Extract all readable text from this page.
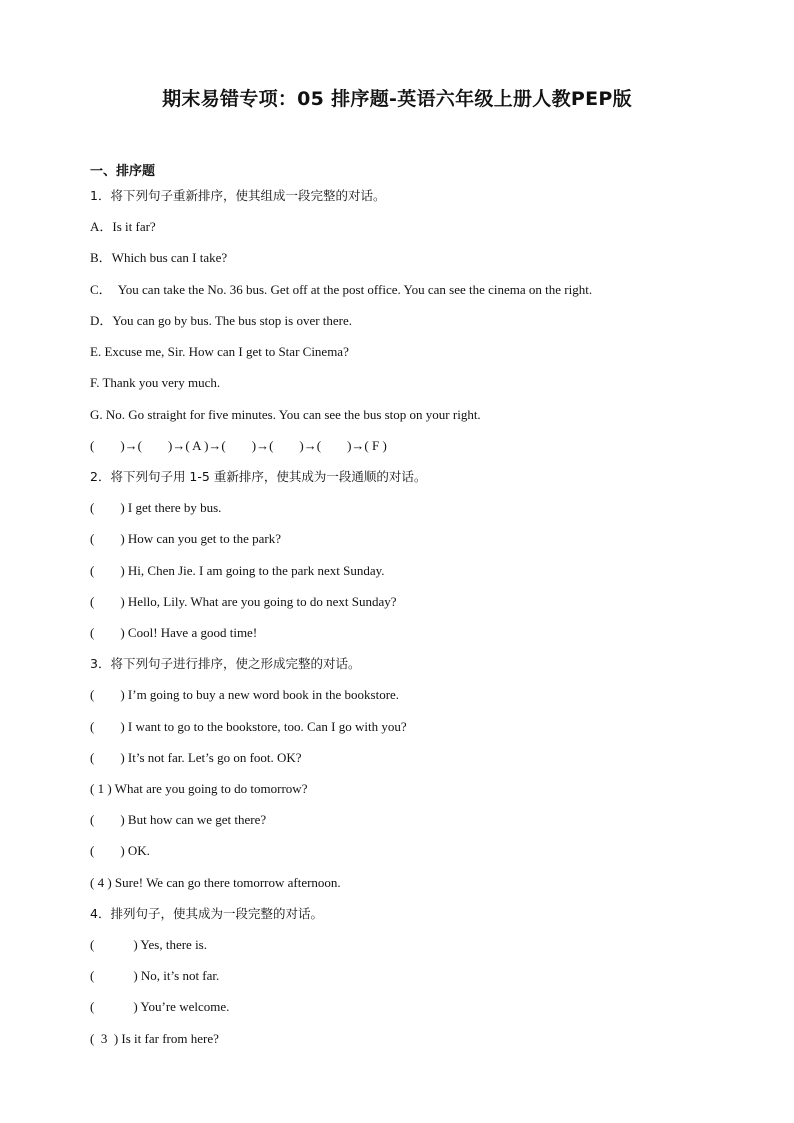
期末易错专项：05 排序题-英语六年级上册人教PEP版
一、排序题
1．将下列句子重新排序，使其组成一段完整的对话。
A．Is it far?
B．Which bus can I take?
C．  You can take the No. 36 bus. Get off at the post office. You can see the cinema on the right.
D．You can go by bus. The bus stop is over there.
E. Excuse me, Sir. How can I get to Star Cinema?
F. Thank you very much.
G. No. Go straight for five minutes. You can see the bus stop on your right.
(        )→(        )→( A )→(        )→(        )→(        )→( F )
2．将下列句子用 1-5 重新排序，使其成为一段通顺的对话。
(        ) I get there by bus.
(        ) How can you get to the park?
(        ) Hi, Chen Jie. I am going to the park next Sunday.
(        ) Hello, Lily. What are you going to do next Sunday?
(        ) Cool! Have a good time!
3．将下列句子进行排序，使之形成完整的对话。
(        ) I’m going to buy a new word book in the bookstore.
(        ) I want to go to the bookstore, too. Can I go with you?
(        ) It’s not far. Let’s go on foot. OK?
( 1 ) What are you going to do tomorrow?
(        ) But how can we get there?
(        ) OK.
( 4 ) Sure! We can go there tomorrow afternoon.
4．排列句子，使其成为一段完整的对话。
(            ) Yes, there is.
(            ) No, it’s not far.
(            ) You’re welcome.
(  3  ) Is it far from here?
